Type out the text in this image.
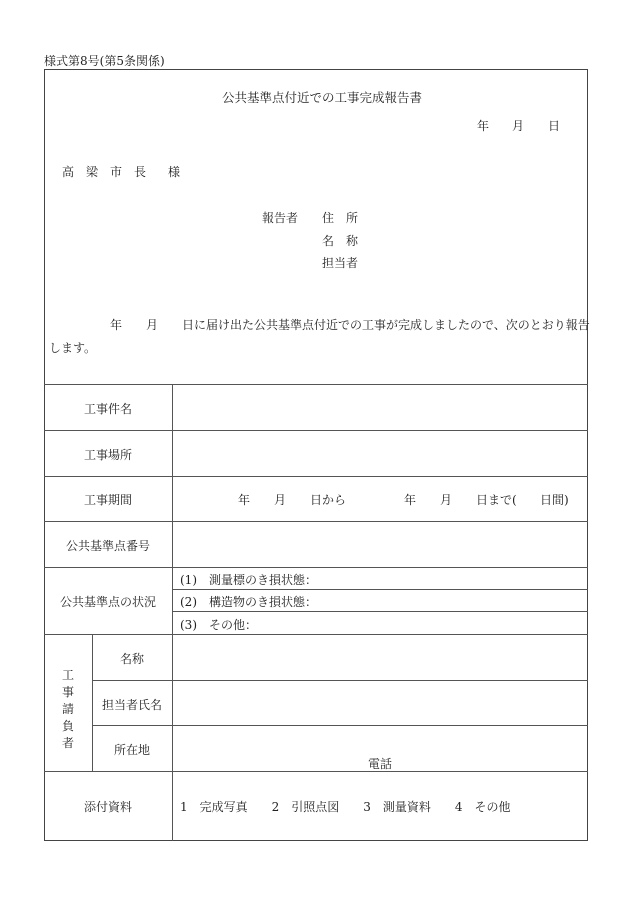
様式第8号(第5条関係)
公共基準点付近での工事完成報告書
年 月 日
高 梁 市 長 様
報告者 住　所
名　称
担当者
年 月 日に届け出た公共基準点付近での工事が完成しましたので、次のとおり報告
します。
工事件名
工事場所
工事期間
公共基準点番号
公共基準点の状況
年 月 日から	年 月 日まで( 日間)
(1)　測量標のき損状態：
(2)　構造物のき損状態：
(3)　その他：
工
事
請
負
者
名称
担当者氏名
所在地
電話
添付資料	1　完成写真　　2　引照点図　　3　測量資料　　4　その他
